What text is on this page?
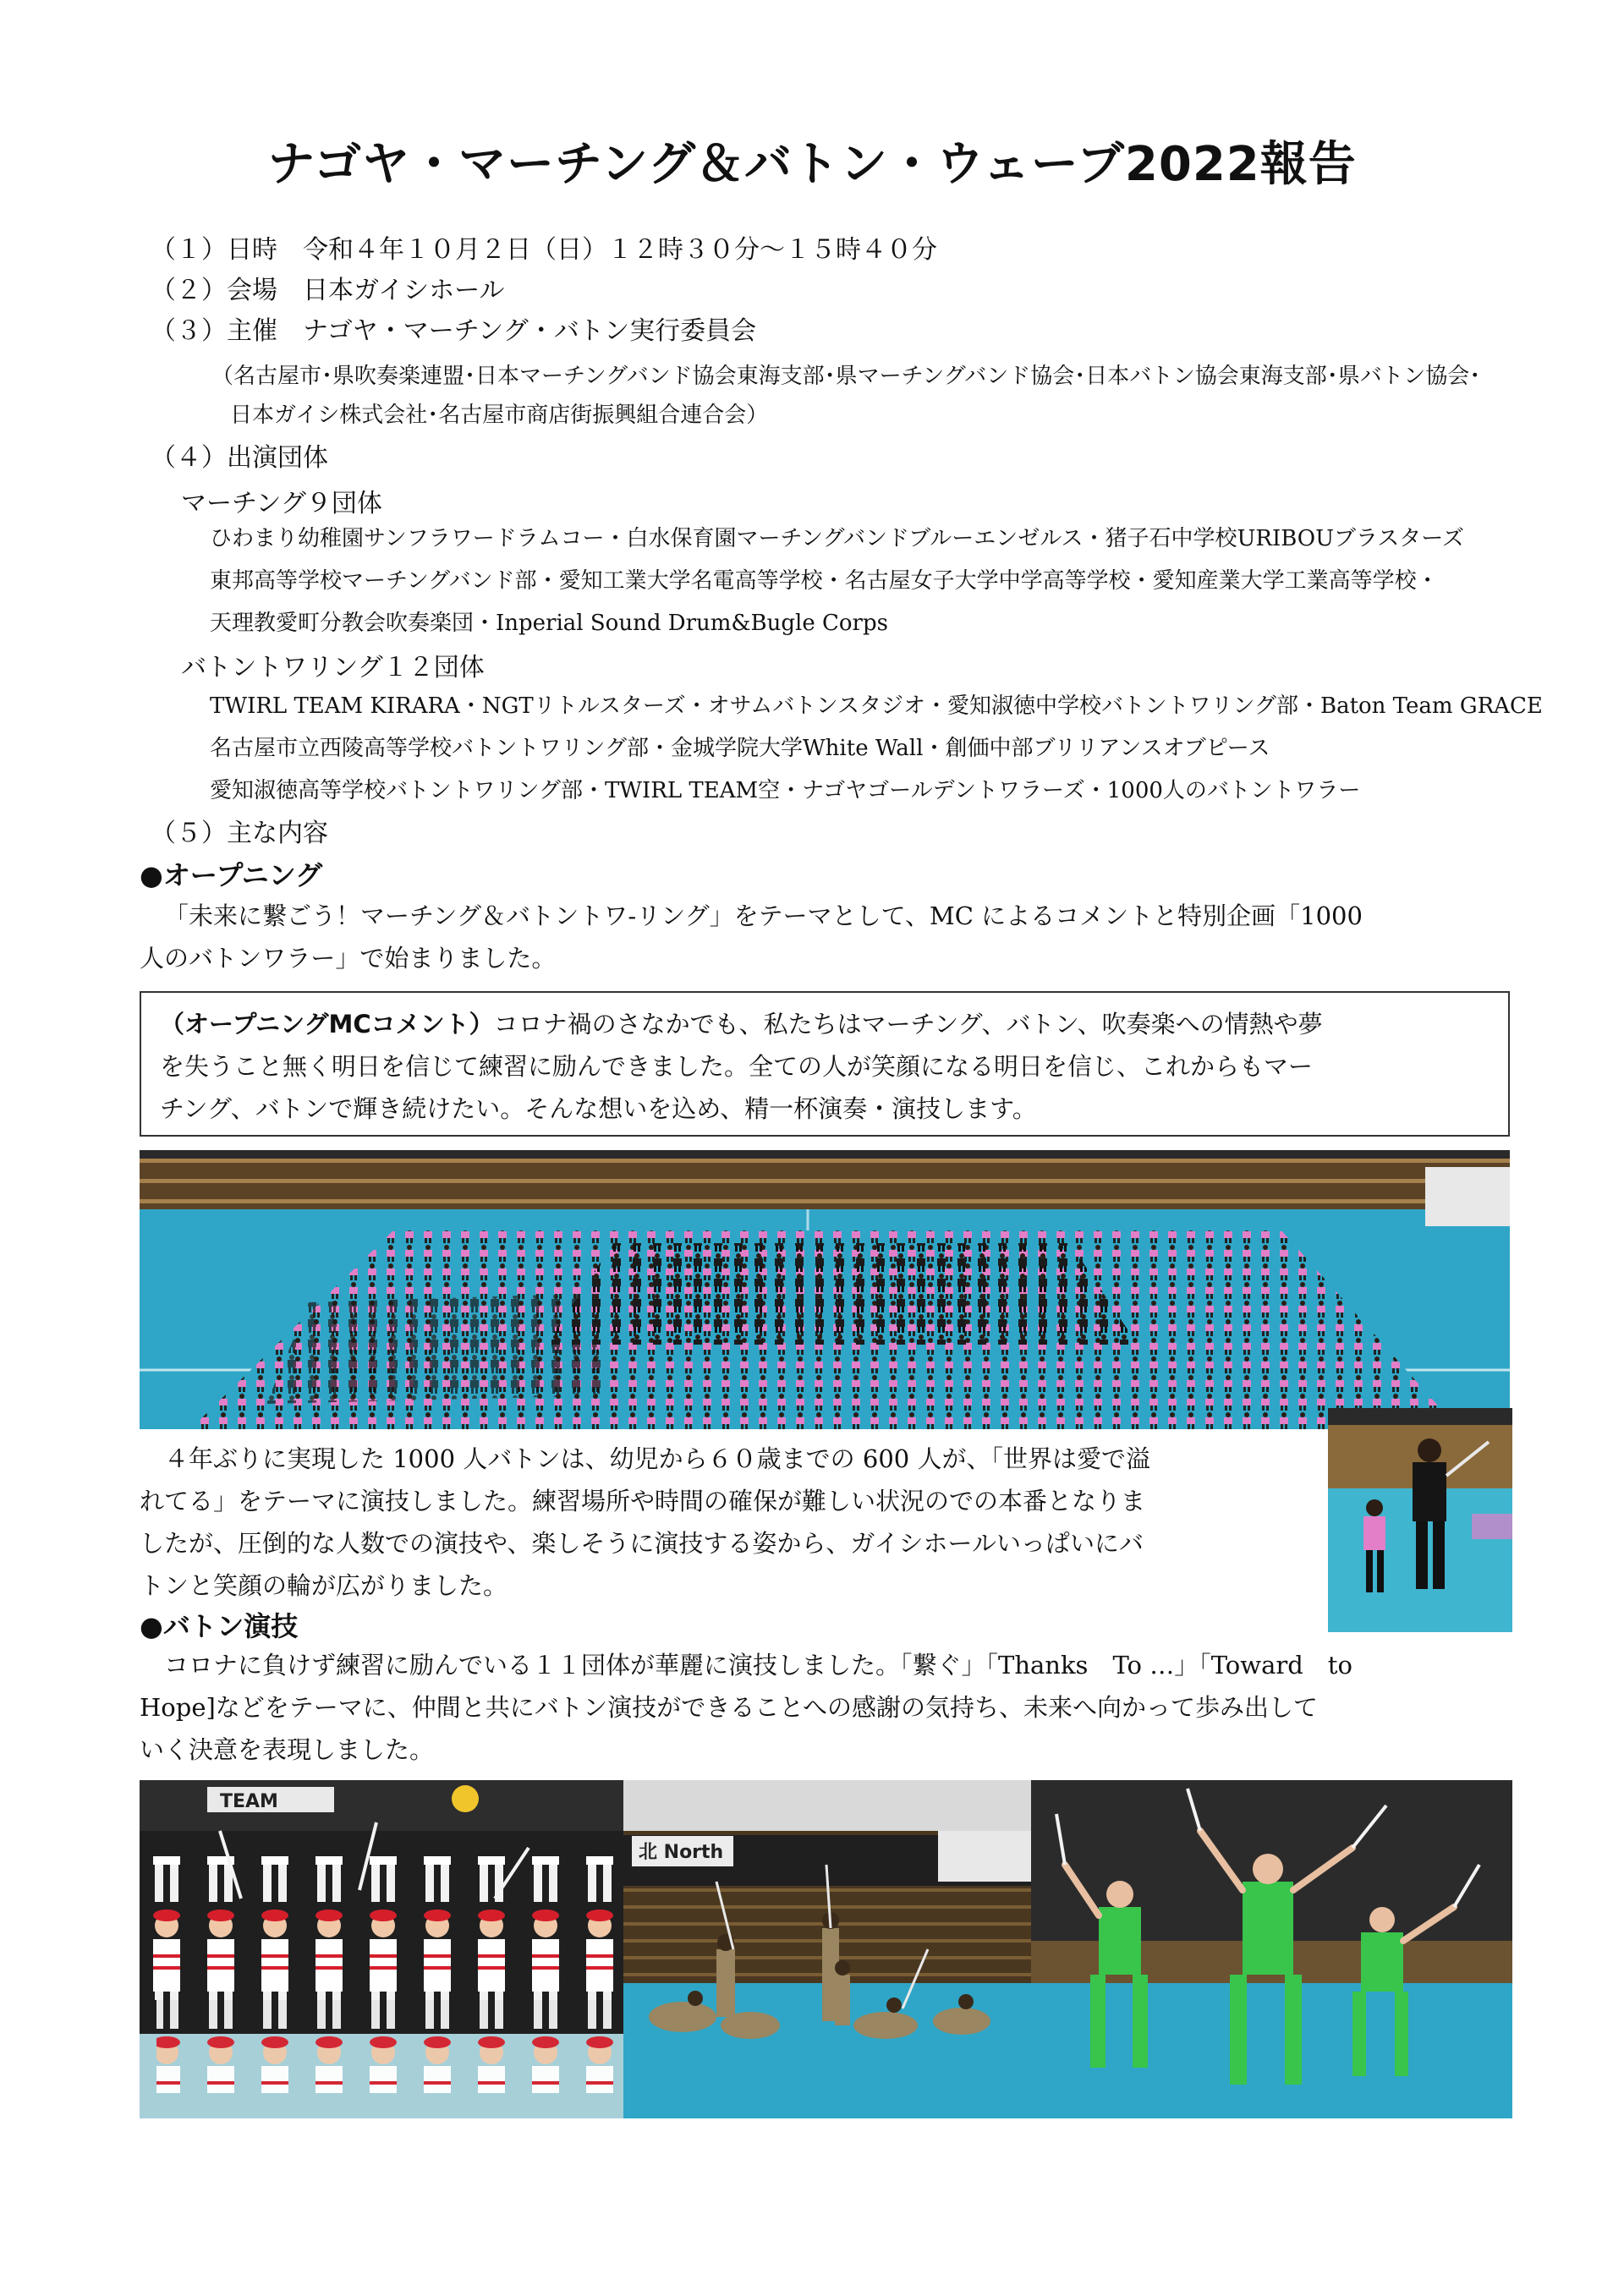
ナゴヤ・マーチング＆バトン・ウェーブ2022報告
（１）日時　 令和４年１０月２日（日）１２時３０分～１５時４０分
（２）会場　 日本ガイシホール
（３）主催　 ナゴヤ・マーチング・バトン実行委員会
（名古屋市･県吹奏楽連盟･日本マーチングバンド協会東海支部･県マーチングバンド協会･日本バトン協会東海支部･県バトン協会･
日本ガイシ株式会社･名古屋市商店街振興組合連合会）
（４）出演団体
マーチング９団体
ひわまり幼稚園サンフラワードラムコー・白水保育園マーチングバンドブルーエンゼルス・猪子石中学校URIBOUブラスターズ
東邦高等学校マーチングバンド部・愛知工業大学名電高等学校・名古屋女子大学中学高等学校・愛知産業大学工業高等学校・
天理教愛町分教会吹奏楽団・Inperial Sound Drum&Bugle Corps
バトントワリング１２団体
TWIRL TEAM KIRARA・NGTリトルスターズ・オサムバトンスタジオ・愛知淑徳中学校バトントワリング部・Baton Team GRACE
名古屋市立西陵高等学校バトントワリング部・金城学院大学White Wall・創価中部ブリリアンスオブピース
愛知淑徳高等学校バトントワリング部・TWIRL TEAM空・ナゴヤゴールデントワラーズ・1000人のバトントワラー
（５）主な内容
●オープニング
「未来に繋ごう！マーチング＆バトントワ-リング」をテーマとして、MC によるコメントと特別企画「1000
人のバトンワラー」で始まりました。
（オープニングMCコメント）コロナ禍のさなかでも、私たちはマーチング、バトン、吹奏楽への情熱や夢
を失うこと無く明日を信じて練習に励んできました。全ての人が笑顔になる明日を信じ、これからもマー
チング、バトンで輝き続けたい。そんな想いを込め、精一杯演奏・演技します。
４年ぶりに実現した 1000 人バトンは、幼児から６０歳までの 600 人が、「世界は愛で溢
れてる」をテーマに演技しました。練習場所や時間の確保が難しい状況のでの本番となりま
したが、圧倒的な人数での演技や、楽しそうに演技する姿から、ガイシホールいっぱいにバ
トンと笑顔の輪が広がりました。
●バトン演技
コロナに負けず練習に励んでいる１１団体が華麗に演技しました。「繋ぐ」「Thanks　To …」「Toward　to
Hope]などをテーマに、仲間と共にバトン演技ができることへの感謝の気持ち、未来へ向かって歩み出して
いく決意を表現しました。
TEAM
北 North
